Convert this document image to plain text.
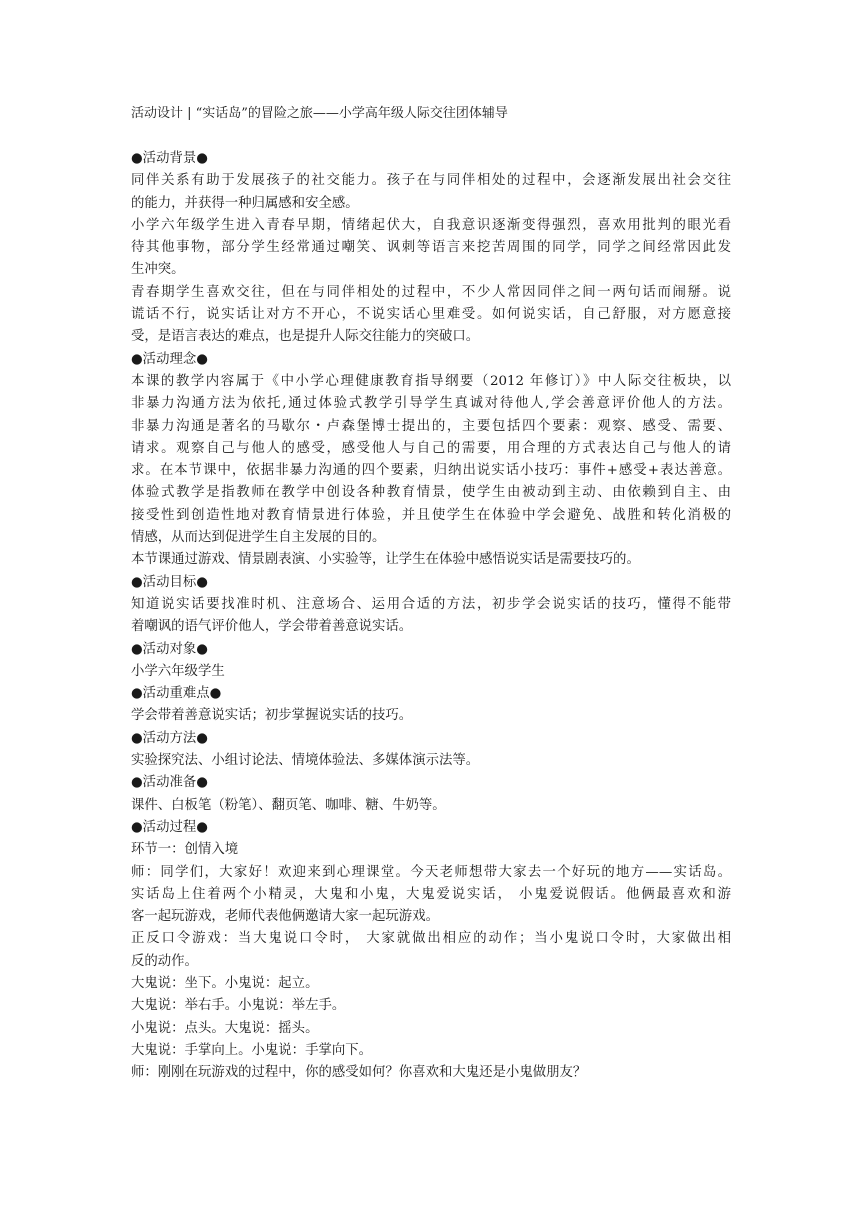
活动设计 | “实话岛”的冒险之旅——小学高年级人际交往团体辅导
●活动背景●
同伴关系有助于发展孩子的社交能力。孩子在与同伴相处的过程中，会逐渐发展出社会交往
的能力，并获得一种归属感和安全感。
小学六年级学生进入青春早期，情绪起伏大，自我意识逐渐变得强烈，喜欢用批判的眼光看
待其他事物，部分学生经常通过嘲笑、讽刺等语言来挖苦周围的同学，同学之间经常因此发
生冲突。
青春期学生喜欢交往，但在与同伴相处的过程中，不少人常因同伴之间一两句话而闹掰。说
谎话不行，说实话让对方不开心，不说实话心里难受。如何说实话，自己舒服，对方愿意接
受，是语言表达的难点，也是提升人际交往能力的突破口。
●活动理念●
本课的教学内容属于《中小学心理健康教育指导纲要（2012 年修订）》中人际交往板块，以
非暴力沟通方法为依托,通过体验式教学引导学生真诚对待他人,学会善意评价他人的方法。
非暴力沟通是著名的马歇尔・卢森堡博士提出的，主要包括四个要素：观察、感受、需要、
请求。观察自己与他人的感受，感受他人与自己的需要，用合理的方式表达自己与他人的请
求。在本节课中，依据非暴力沟通的四个要素，归纳出说实话小技巧：事件+感受+表达善意。
体验式教学是指教师在教学中创设各种教育情景，使学生由被动到主动、由依赖到自主、由
接受性到创造性地对教育情景进行体验，并且使学生在体验中学会避免、战胜和转化消极的
情感，从而达到促进学生自主发展的目的。
本节课通过游戏、情景剧表演、小实验等，让学生在体验中感悟说实话是需要技巧的。
●活动目标●
知道说实话要找准时机、注意场合、运用合适的方法，初步学会说实话的技巧，懂得不能带
着嘲讽的语气评价他人，学会带着善意说实话。
●活动对象●
小学六年级学生
●活动重难点●
学会带着善意说实话；初步掌握说实话的技巧。
●活动方法●
实验探究法、小组讨论法、情境体验法、多媒体演示法等。
●活动准备●
课件、白板笔（粉笔）、翻页笔、咖啡、糖、牛奶等。
●活动过程●
环节一：创情入境
师：同学们，大家好！欢迎来到心理课堂。今天老师想带大家去一个好玩的地方——实话岛。
实话岛上住着两个小精灵，大鬼和小鬼，大鬼爱说实话， 小鬼爱说假话。他俩最喜欢和游
客一起玩游戏，老师代表他俩邀请大家一起玩游戏。
正反口令游戏：当大鬼说口令时， 大家就做出相应的动作；当小鬼说口令时，大家做出相
反的动作。
大鬼说：坐下。小鬼说：起立。
大鬼说：举右手。小鬼说：举左手。
小鬼说：点头。大鬼说：摇头。
大鬼说：手掌向上。小鬼说：手掌向下。
师：刚刚在玩游戏的过程中，你的感受如何？你喜欢和大鬼还是小鬼做朋友？
